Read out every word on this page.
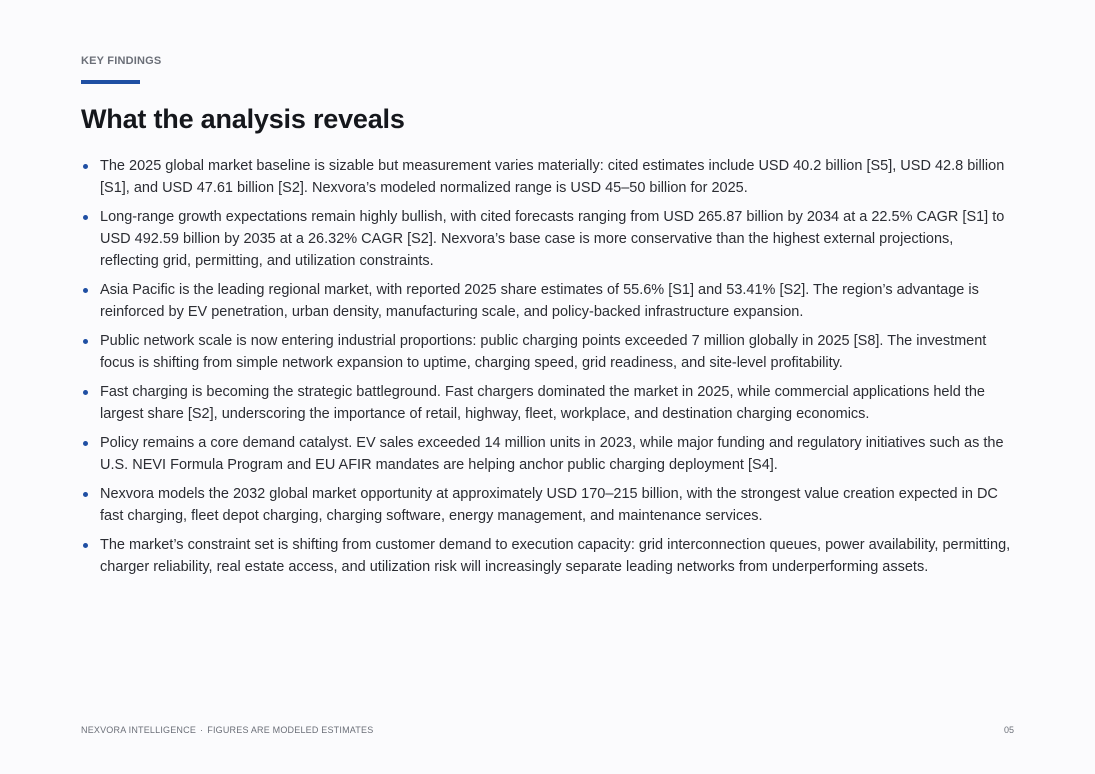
KEY FINDINGS
What the analysis reveals
The 2025 global market baseline is sizable but measurement varies materially: cited estimates include USD 40.2 billion [S5], USD 42.8 billion [S1], and USD 47.61 billion [S2]. Nexvora’s modeled normalized range is USD 45–50 billion for 2025.
Long-range growth expectations remain highly bullish, with cited forecasts ranging from USD 265.87 billion by 2034 at a 22.5% CAGR [S1] to USD 492.59 billion by 2035 at a 26.32% CAGR [S2]. Nexvora’s base case is more conservative than the highest external projections, reflecting grid, permitting, and utilization constraints.
Asia Pacific is the leading regional market, with reported 2025 share estimates of 55.6% [S1] and 53.41% [S2]. The region’s advantage is reinforced by EV penetration, urban density, manufacturing scale, and policy-backed infrastructure expansion.
Public network scale is now entering industrial proportions: public charging points exceeded 7 million globally in 2025 [S8]. The investment focus is shifting from simple network expansion to uptime, charging speed, grid readiness, and site-level profitability.
Fast charging is becoming the strategic battleground. Fast chargers dominated the market in 2025, while commercial applications held the largest share [S2], underscoring the importance of retail, highway, fleet, workplace, and destination charging economics.
Policy remains a core demand catalyst. EV sales exceeded 14 million units in 2023, while major funding and regulatory initiatives such as the U.S. NEVI Formula Program and EU AFIR mandates are helping anchor public charging deployment [S4].
Nexvora models the 2032 global market opportunity at approximately USD 170–215 billion, with the strongest value creation expected in DC fast charging, fleet depot charging, charging software, energy management, and maintenance services.
The market’s constraint set is shifting from customer demand to execution capacity: grid interconnection queues, power availability, permitting, charger reliability, real estate access, and utilization risk will increasingly separate leading networks from underperforming assets.
NEXVORA INTELLIGENCE · FIGURES ARE MODELED ESTIMATES	05
